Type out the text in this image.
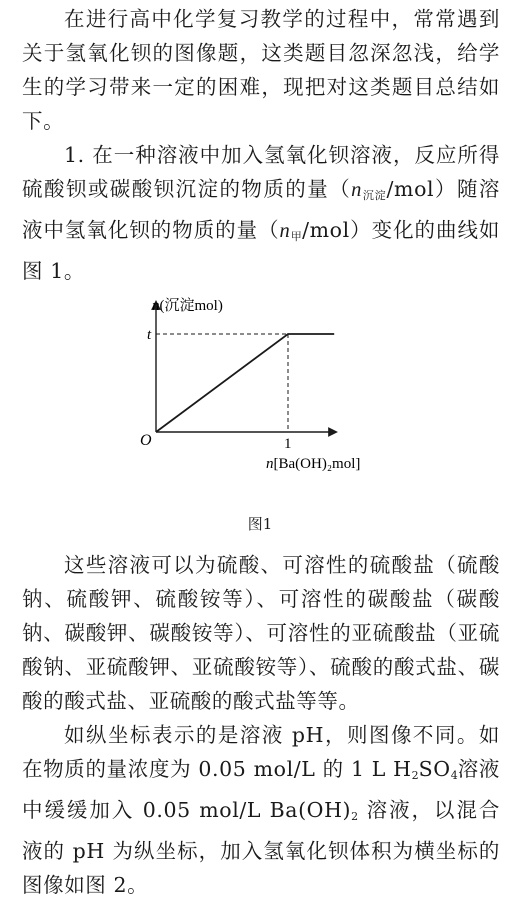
在进行高中化学复习教学的过程中，常常遇到关于氢氧化钡的图像题，这类题目忽深忽浅，给学生的学习带来一定的困难，现把对这类题目总结如下。

1. 在一种溶液中加入氢氧化钡溶液，反应所得硫酸钡或碳酸钡沉淀的物质的量$(n_{沉淀}/mol)$随溶液中氢氧化钡的物质的量$(n_甲/mol)$变化的曲线如图 1。

n(沉淀mol)
t
O	1
n[Ba(OH)₂mol]
图1

这些溶液可以为硫酸、可溶性的硫酸盐（硫酸钠、硫酸钾、硫酸铵等）、可溶性的碳酸盐（碳酸钠、碳酸钾、碳酸铵等）、可溶性的亚硫酸盐（亚硫酸钠、亚硫酸钾、亚硫酸铵等）、硫酸的酸式盐、碳酸的酸式盐、亚硫酸的酸式盐等等。

如纵坐标表示的是溶液 pH，则图像不同。如在物质的量浓度为 0.05 mol/L 的 1 L $H_2SO_4$溶液中缓缓加入 0.05 mol/L $Ba(OH)_2$ 溶液，以混合液的 pH 为纵坐标，加入氢氧化钡体积为横坐标的图像如图 2。
